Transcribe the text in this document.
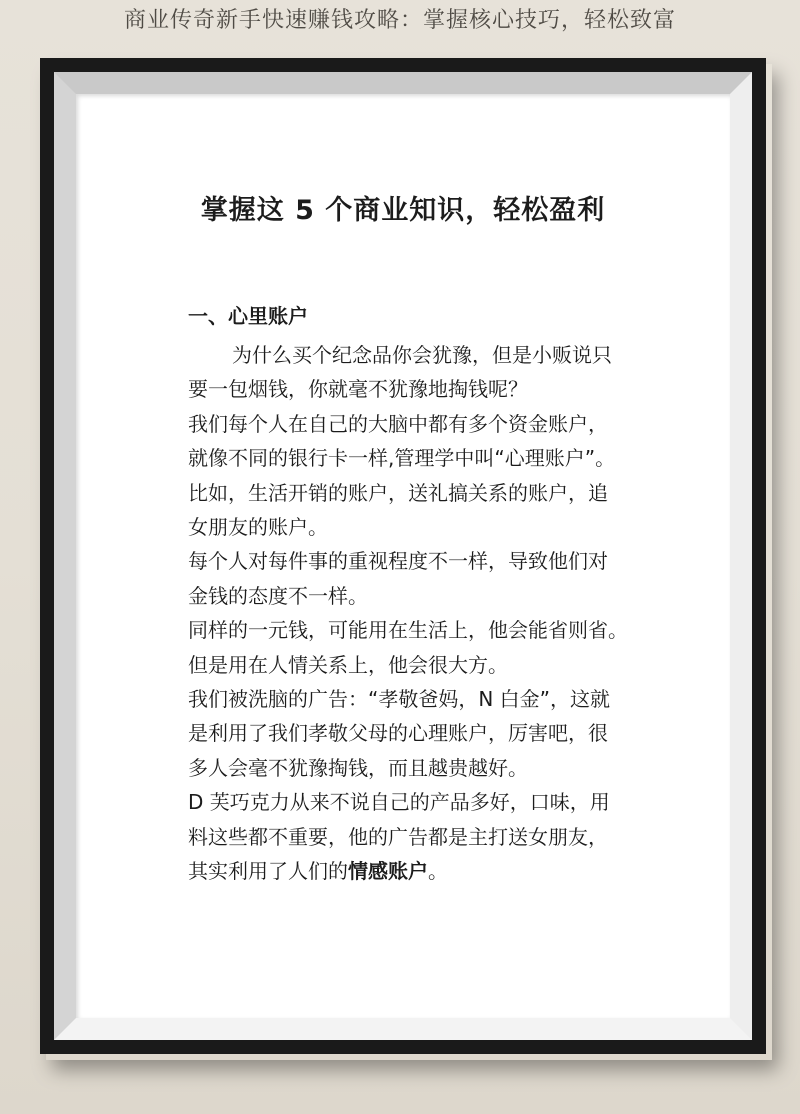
商业传奇新手快速赚钱攻略：掌握核心技巧，轻松致富
掌握这 5 个商业知识，轻松盈利
一、心里账户
为什么买个纪念品你会犹豫，但是小贩说只
要一包烟钱，你就毫不犹豫地掏钱呢？
我们每个人在自己的大脑中都有多个资金账户，
就像不同的银行卡一样,管理学中叫“心理账户”。
比如，生活开销的账户，送礼搞关系的账户，追
女朋友的账户。
每个人对每件事的重视程度不一样，导致他们对
金钱的态度不一样。
同样的一元钱，可能用在生活上，他会能省则省。
但是用在人情关系上，他会很大方。
我们被洗脑的广告：“孝敬爸妈，N 白金”，这就
是利用了我们孝敬父母的心理账户，厉害吧，很
多人会毫不犹豫掏钱，而且越贵越好。
D 芙巧克力从来不说自己的产品多好，口味，用
料这些都不重要，他的广告都是主打送女朋友，
其实利用了人们的情感账户。
